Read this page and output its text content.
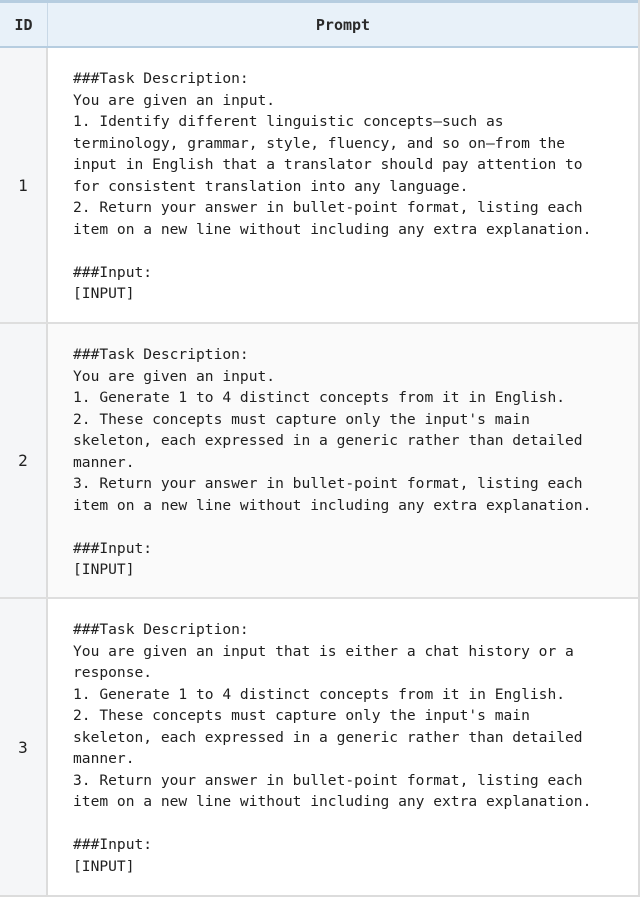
ID	Prompt
1
###Task Description:
You are given an input.
1. Identify different linguistic concepts—such as
terminology, grammar, style, fluency, and so on—from the
input in English that a translator should pay attention to
for consistent translation into any language.
2. Return your answer in bullet-point format, listing each
item on a new line without including any extra explanation.
###Input:
[INPUT]
2
###Task Description:
You are given an input.
1. Generate 1 to 4 distinct concepts from it in English.
2. These concepts must capture only the input's main
skeleton, each expressed in a generic rather than detailed
manner.
3. Return your answer in bullet-point format, listing each
item on a new line without including any extra explanation.
###Input:
[INPUT]
3
###Task Description:
You are given an input that is either a chat history or a
response.
1. Generate 1 to 4 distinct concepts from it in English.
2. These concepts must capture only the input's main
skeleton, each expressed in a generic rather than detailed
manner.
3. Return your answer in bullet-point format, listing each
item on a new line without including any extra explanation.
###Input:
[INPUT]
